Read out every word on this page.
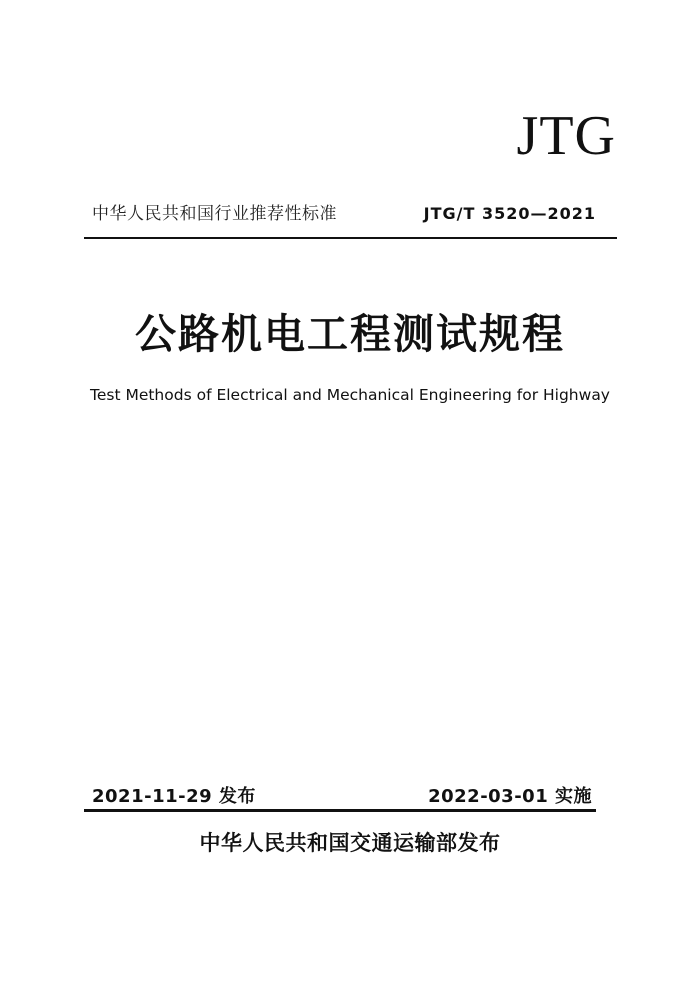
JTG
中华人民共和国行业推荐性标准	JTG/T 3520—2021
公路机电工程测试规程
Test Methods of Electrical and Mechanical Engineering for Highway
2021-11-29 发布	2022-03-01 实施
中华人民共和国交通运输部发布
